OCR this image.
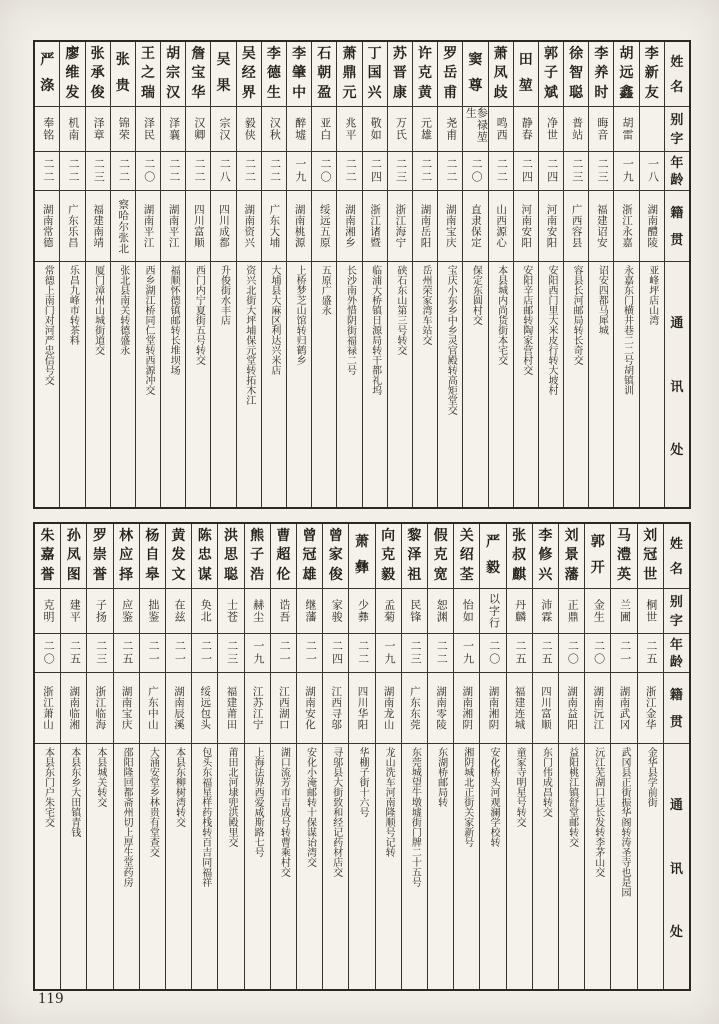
姓
名
别
字
年
龄
籍
贯
通
讯
处
李
新
友
一八
湖南醴陵
亚峰坪店山湾
胡
远
鑫
胡雷
一九
浙江永嘉
永嘉东门横井巷二二号胡镇训
李
养
时
晦音
二三
福建诏安
诏安四都马犀城
徐
智
聪
普站
二三
广西容县
容县长河邮局转长奇交
郭
子
斌
净世
二四
河南安阳
安阳西门里大米皮行转大坡村
田
堃
静春
二四
河南安阳
安阳辛店邮转陶家营村交
萧
凤
歧
鸣西
二二
山西源心
本县城内尚货街本宅交
窦
尊
参禄堃生
二〇
直隶保定
保定东圆村交
罗
岳
甫
尧甫
二二
湖南宝庆
宝庆小东乡中乡灵官殿转高矩堂交
许
克
黄
元雄
二二
湖南岳阳
岳州荣家湾车站交
苏
晋
康
万氏
二三
浙江海宁
硖石东山第三号转交
丁
国
兴
敬如
二四
浙江诸暨
临浦大桥镇日源局转干都礼坞
萧
鼎
元
兆平
二二
湖南湘乡
长沙南外惜阴街福禄二号
石
朝
盈
亚白
二〇
绥远五原
五原广盛永
李
肇
中
醉墟
一九
湖南桃源
上桥梦芝山馆转归鹤乡
李
德
生
汉秋
二二
广东大埔
大埔县大麻区利达兴米店
吴
经
界
毅侠
二二
湖南资兴
资兴北街大坪埔保元堂转拓木江
吴
果
宗汉
二八
四川成都
升俊街水丰店
詹
宝
华
汉卿
二二
四川富顺
西门内宁夏街五号转交
胡
宗
汉
泽襄
二二
湖南平江
福顺怀德镇邮转长堆坝场
王
之
瑞
泽民
二〇
湖南平江
西乡湖江桥同仁堂转西源冲交
张
贵
锦荣
二二
察哈尔张北
张北县南关转德盛永
张
承
俊
泽章
二三
福建南靖
厦门漳州山城街道交
廖
维
发
机南
二二
广东乐昌
乐昌九峰市转茶料
严
涤
奉铭
二二
湖南常德
常德上南门对河严忠信号交
姓
名
别
字
年
龄
籍
贯
通
讯
处
刘
冠
世
桐世
二五
浙江金华
金华县学前街
马
澧
英
兰圃
二一
湖南武冈
武冈县正街振华阁转涛圣寺也是园
郭
开
金生
二〇
湖南沅江
沅江芜湖口迋长发转李茅山交
刘
景
藩
正鼎
二〇
湖南益阳
益阳桃江镇舒堂邮转交
李
修
兴
沛霖
二五
四川富顺
东门伟成昌转交
张
叔
麒
丹麟
二五
福建连城
童家寺明星号转交
严
毅
以字行
二〇
湖南湘阴
安化桥头河观澜学校转
关
绍
荃
怡如
一九
湖南湘阴
湘阴城北正街关家新号
假
克
宽
恕渊
二二
湖南零陵
东湖桥邮局转
黎
泽
祖
民锋
二三
广东东莞
东莞城望牛墩墟街门牌二十五号
向
克
毅
孟菊
一九
湖南龙山
龙山洗车河南隆顺号记转
萧
彝
少彝
二二
四川华阳
华棚子街十六号
曾
家
俊
家骏
二四
江西寻邬
寻邬县大街致和经记药材店交
曾
冠
雄
继藩
二一
湖南安化
安化小淹邮转十保谋诒湾交
曹
超
伦
诰吾
二一
江西湖口
湖口流芳市吉成号转曹乘村交
熊
子
浩
赫尘
一九
江苏江宁
上海法界西爱咸斯路七号
洪
思
聪
士苍
二三
福建莆田
莆田北河埭兜洪殿里交
陈
忠
谋
奂北
二一
绥远包头
包头东福星样药栈转百吉同福祥
黄
发
文
在兹
二一
湖南辰溪
本县东柳树湾转交
杨
自
皋
拙鉴
二一
广东中山
大涌安堂乡林贵有堂查交
林
应
择
应鉴
二五
湖南宝庆
邵阳隆回都斋州切上厚生堂药房
罗
崇
誉
子扬
二三
浙江临海
本县城关转交
孙
凤
图
建平
二五
湖南临湘
本县东乡大田镇青钱
朱
嘉
誉
克明
二〇
浙江萧山
本县东门户朱宅交
119
